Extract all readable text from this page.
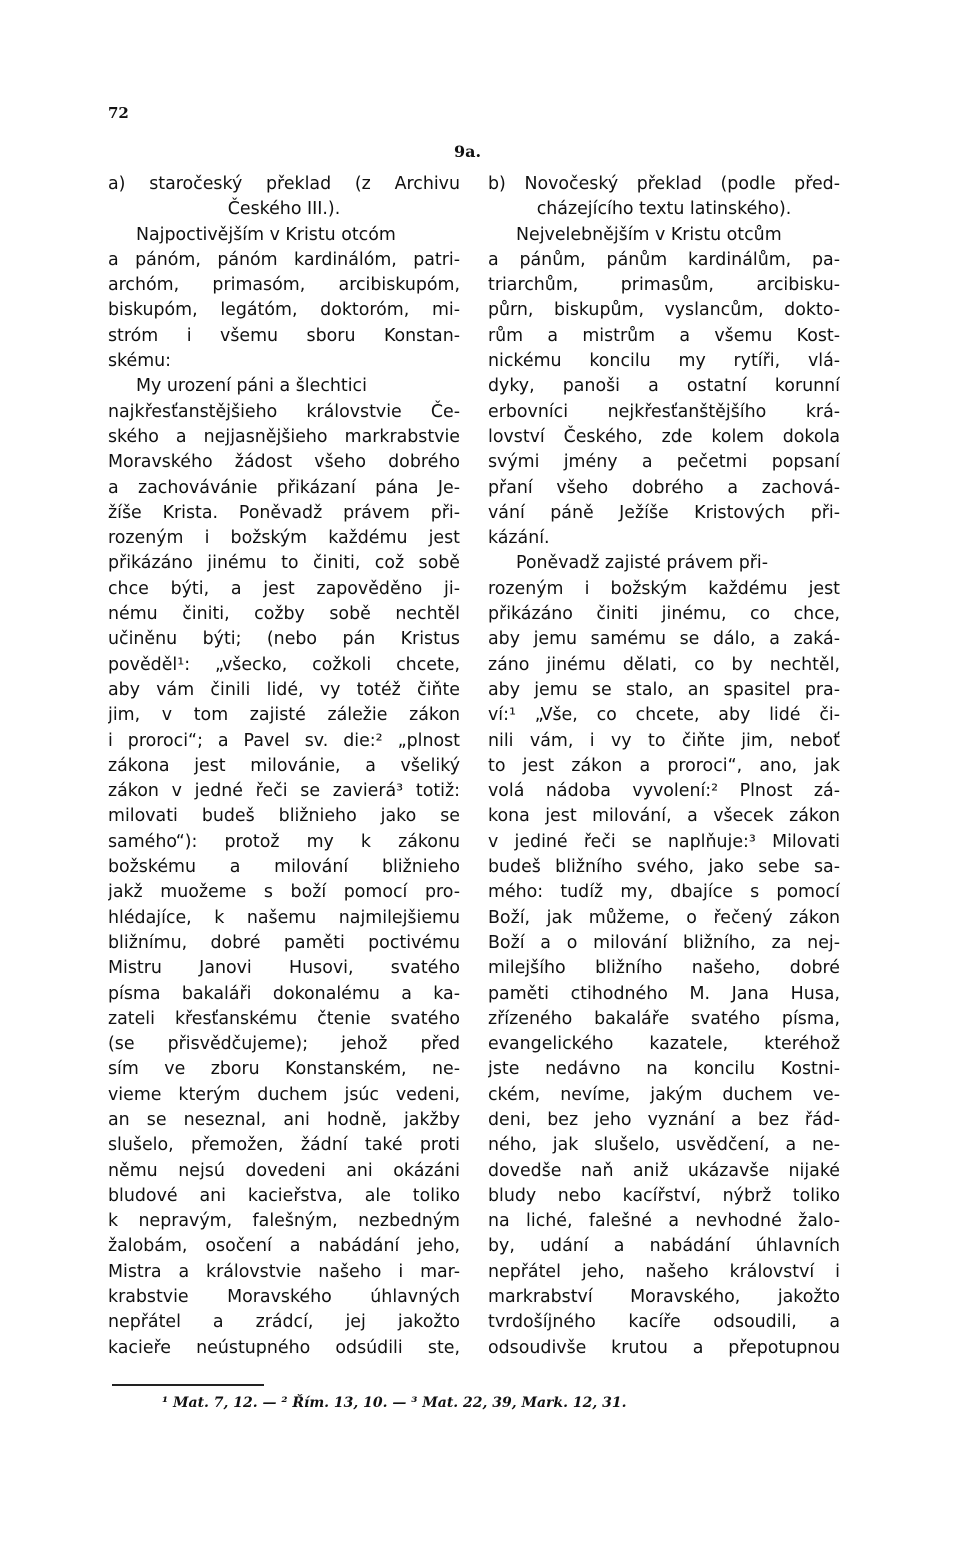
72
9a.
a) staročeský překlad (z Archivu
Českého III.).
Najpoctivějším v Kristu otcóm
a pánóm, pánóm kardinálóm, patri-
archóm, primasóm, arcibiskupóm,
biskupóm, legátóm, doktoróm, mi-
stróm i všemu sboru Konstan-
skému:
My urození páni a šlechtici
najkřesťanstějšieho královstvie Če-
ského a nejjasnějšieho markrabstvie
Moravského žádost všeho dobrého
a zachovávánie přikázaní pána Je-
žíše Krista. Poněvadž právem při-
rozeným i božským každému jest
přikázáno jinému to činiti, což sobě
chce býti, a jest zapověděno ji-
nému činiti, cožby sobě nechtěl
učiněnu býti; (nebo pán Kristus
pověděl¹: „všecko, cožkoli chcete,
aby vám činili lidé, vy totéž čiňte
jim, v tom zajisté záležie zákon
i proroci“; a Pavel sv. die:² „plnost
zákona jest milovánie, a všeliký
zákon v jedné řeči se zavierá³ totiž:
milovati budeš bližnieho jako se
samého“): protož my k zákonu
božskému a milování bližnieho
jakž muožeme s boží pomocí pro-
hlédajíce, k našemu najmilejšiemu
bližnímu, dobré paměti poctivému
Mistru Janovi Husovi, svatého
písma bakaláři dokonalému a ka-
zateli křesťanskému čtenie svatého
(se přisvědčujeme); jehož před
sím ve zboru Konstanském, ne-
vieme kterým duchem jsúc vedeni,
an se neseznal, ani hodně, jakžby
slušelo, přemožen, žádní také proti
němu nejsú dovedeni ani okázáni
bludové ani kacieřstva, ale toliko
k nepravým, falešným, nezbedným
žalobám, osočení a nabádání jeho,
Mistra a královstvie našeho i mar-
krabstvie Moravského úhlavných
nepřátel a zrádcí, jej jakožto
kacieře neústupného odsúdili ste,
b) Novočeský překlad (podle před-
cházejícího textu latinského).
Nejvelebnějším v Kristu otcům
a pánům, pánům kardinálům, pa-
triarchům, primasům, arcibisku-
půrn, biskupům, vyslancům, dokto-
rům a mistrům a všemu Kost-
nickému koncilu my rytíři, vlá-
dyky, panoši a ostatní korunní
erbovníci nejkřesťanštějšího krá-
lovství Českého, zde kolem dokola
svými jmény a pečetmi popsaní
přaní všeho dobrého a zachová-
vání páně Ježíše Kristových při-
kázání.
Poněvadž zajisté právem při-
rozeným i božským každému jest
přikázáno činiti jinému, co chce,
aby jemu samému se dálo, a zaká-
záno jinému dělati, co by nechtěl,
aby jemu se stalo, an spasitel pra-
ví:¹ „Vše, co chcete, aby lidé či-
nili vám, i vy to čiňte jim, neboť
to jest zákon a proroci“, ano, jak
volá nádoba vyvolení:² Plnost zá-
kona jest milování, a všecek zákon
v jediné řeči se naplňuje:³ Milovati
budeš bližního svého, jako sebe sa-
mého: tudíž my, dbajíce s pomocí
Boží, jak můžeme, o řečený zákon
Boží a o milování bližního, za nej-
milejšího bližního našeho, dobré
paměti ctihodného M. Jana Husa,
zřízeného bakaláře svatého písma,
evangelického kazatele, kteréhož
jste nedávno na koncilu Kostni-
ckém, nevíme, jakým duchem ve-
deni, bez jeho vyznání a bez řád-
ného, jak slušelo, usvědčení, a ne-
dovedše naň aniž ukázavše nijaké
bludy nebo kacířství, nýbrž toliko
na liché, falešné a nevhodné žalo-
by, udání a nabádání úhlavních
nepřátel jeho, našeho království i
markrabství Moravského, jakožto
tvrdošíjného kacíře odsoudili, a
odsoudivše krutou a přepotupnou
¹ Mat. 7, 12. — ² Řím. 13, 10. — ³ Mat. 22, 39, Mark. 12, 31.
